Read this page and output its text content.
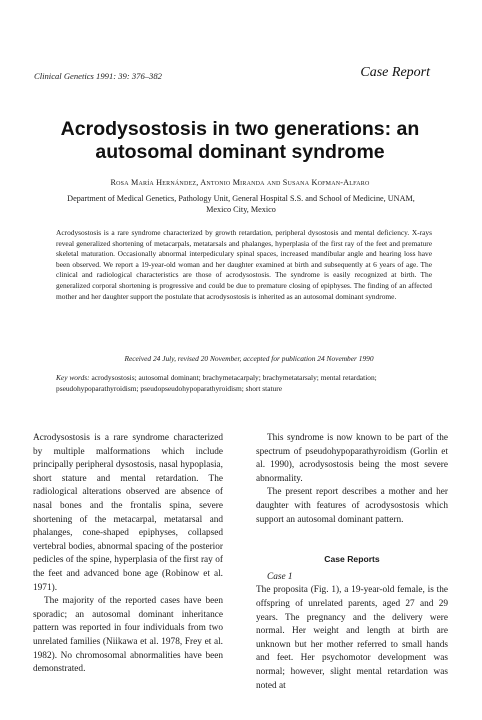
Clinical Genetics 1991: 39: 376–382	Case Report
Acrodysostosis in two generations: an autosomal dominant syndrome
Rosa María Hernández, Antonio Miranda and Susana Kofman-Alfaro
Department of Medical Genetics, Pathology Unit, General Hospital S.S. and School of Medicine, UNAM, Mexico City, Mexico
Acrodysostosis is a rare syndrome characterized by growth retardation, peripheral dysostosis and mental deficiency. X-rays reveal generalized shortening of metacarpals, metatarsals and phalanges, hyperplasia of the first ray of the feet and premature skeletal maturation. Occasionally abnormal interpediculary spinal spaces, increased mandibular angle and hearing loss have been observed. We report a 19-year-old woman and her daughter examined at birth and subsequently at 6 years of age. The clinical and radiological characteristics are those of acrodysostosis. The syndrome is easily recognized at birth. The generalized corporal shortening is progressive and could be due to premature closing of epiphyses. The finding of an affected mother and her daughter support the postulate that acrodysostosis is inherited as an autosomal dominant syndrome.
Received 24 July, revised 20 November, accepted for publication 24 November 1990
Key words: acrodysostosis; autosomal dominant; brachymetacarpaly; brachymetatarsaly; mental retardation; pseudohypoparathyroidism; pseudopseudohypoparathyroidism; short stature

Acrodysostosis is a rare syndrome characterized by multiple malformations which include principally peripheral dysostosis, nasal hypoplasia, short stature and mental retardation. The radiological alterations observed are absence of nasal bones and the frontalis spina, severe shortening of the metacarpal, metatarsal and phalanges, cone-shaped epiphyses, collapsed vertebral bodies, abnormal spacing of the posterior pedicles of the spine, hyperplasia of the first ray of the feet and advanced bone age (Robinow et al. 1971).

The majority of the reported cases have been sporadic; an autosomal dominant inheritance pattern was reported in four individuals from two unrelated families (Niikawa et al. 1978, Frey et al. 1982). No chromosomal abnormalities have been demonstrated.

This syndrome is now known to be part of the spectrum of pseudohypoparathyroidism (Gorlin et al. 1990), acrodysostosis being the most severe abnormality.

The present report describes a mother and her daughter with features of acrodysostosis which support an autosomal dominant pattern.

Case Reports

Case 1

The proposita (Fig. 1), a 19-year-old female, is the offspring of unrelated parents, aged 27 and 29 years. The pregnancy and the delivery were normal. Her weight and length at birth are unknown but her mother referred to small hands and feet. Her psychomotor development was normal; however, slight mental retardation was noted at
